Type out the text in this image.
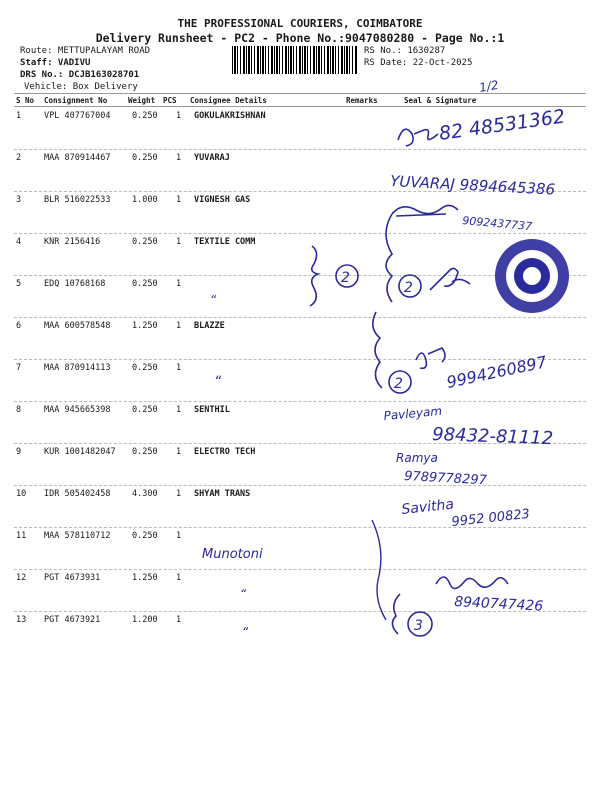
THE PROFESSIONAL COURIERS, COIMBATORE
Delivery Runsheet - PC2 - Phone No.:9047080280 - Page No.:1
Route: METTUPALAYAM ROAD
Staff: VADIVU
DRS No.: DCJB163028701
Vehicle: Box Delivery
RS No.: 1630287
RS Date: 22-Oct-2025
S No Consignment No	Weight PCS Consignee Details	Remarks	Seal & Signature
1	VPL 407767004	0.250 1 GOKULAKRISHNAN
2	MAA 870914467	0.250 1 YUVARAJ
3	BLR 516022533	1.000 1 VIGNESH GAS
4	KNR 2156416	0.250 1 TEXTILE COMM
5	EDQ 10768168	0.250 1
6	MAA 600578548	1.250 1 BLAZZE
7	MAA 870914113	0.250 1
8	MAA 945665398	0.250 1 SENTHIL
9	KUR 1001482047 0.250 1 ELECTRO TECH
10 IDR 505402458	4.300 1 SHYAM TRANS
11 MAA 578110712	0.250 1
12 PGT 4673931	1.250 1
13 PGT 4673921	1.200 1
1/2
82 48531362
YUVARAJ 9894645386
9092437737
2
2
2	9994260897
Pavleyam
98432-81112
Ramya
9789778297
Savitha
9952 00823
3
8940747426
Munotoni
“
“
“
“
